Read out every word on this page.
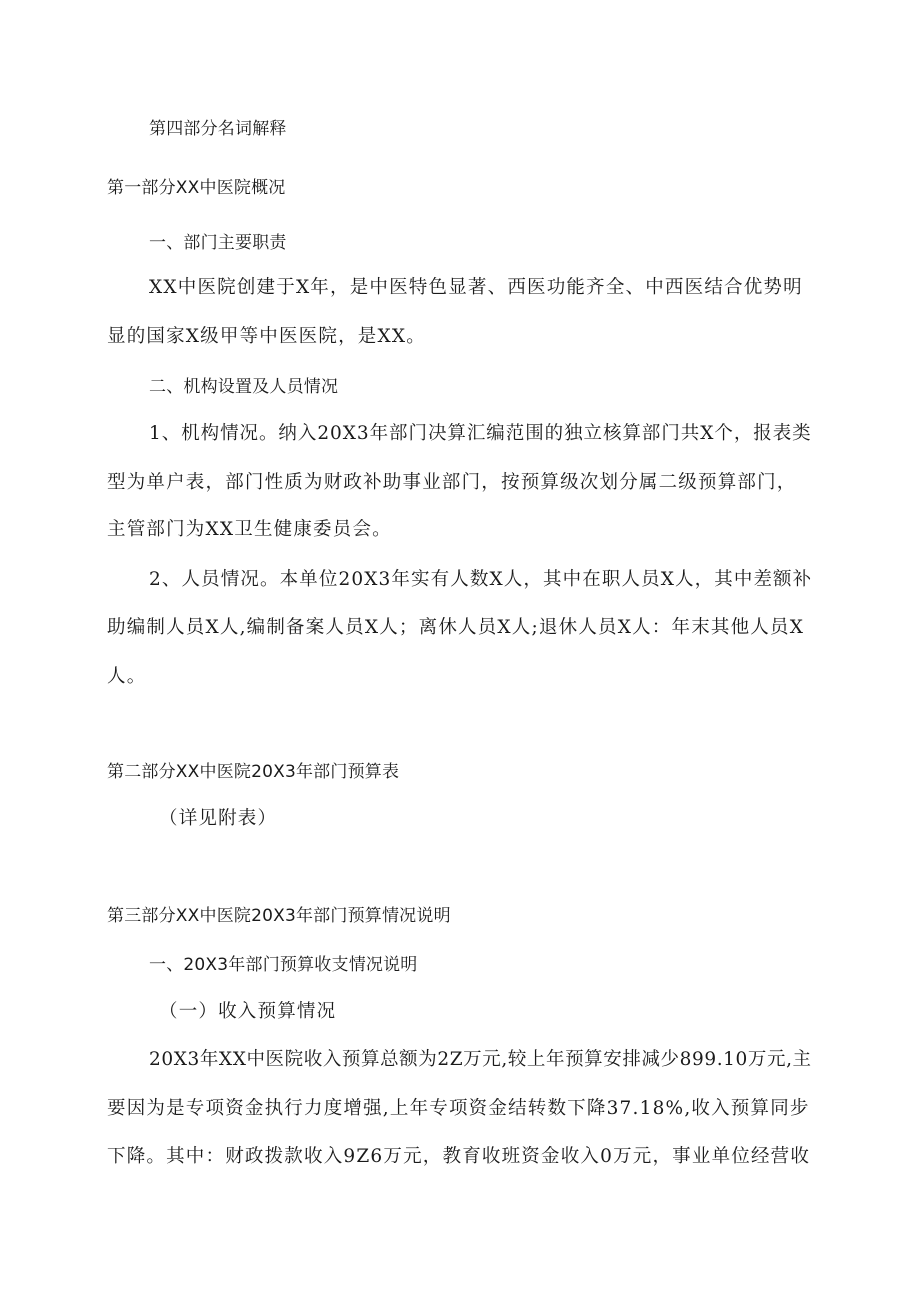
第四部分名词解释
第一部分XX中医院概况
一、部门主要职责
XX中医院创建于X年，是中医特色显著、西医功能齐全、中西医结合优势明
显的国家X级甲等中医医院，是XX。
二、机构设置及人员情况
1、机构情况。纳入20X3年部门决算汇编范围的独立核算部门共X个，报表类
型为单户表，部门性质为财政补助事业部门，按预算级次划分属二级预算部门，
主管部门为XX卫生健康委员会。
2、人员情况。本单位20X3年实有人数X人，其中在职人员X人，其中差额补
助编制人员X人,编制备案人员X人；离休人员X人;退休人员X人：年末其他人员X
人。
第二部分XX中医院20X3年部门预算表
（详见附表）
第三部分XX中医院20X3年部门预算情况说明
一、20X3年部门预算收支情况说明
（一）收入预算情况
20X3年XX中医院收入预算总额为2Z万元,较上年预算安排减少899.10万元,主
要因为是专项资金执行力度增强,上年专项资金结转数下降37.18%,收入预算同步
下降。其中：财政拨款收入9Z6万元，教育收班资金收入0万元，事业单位经营收
